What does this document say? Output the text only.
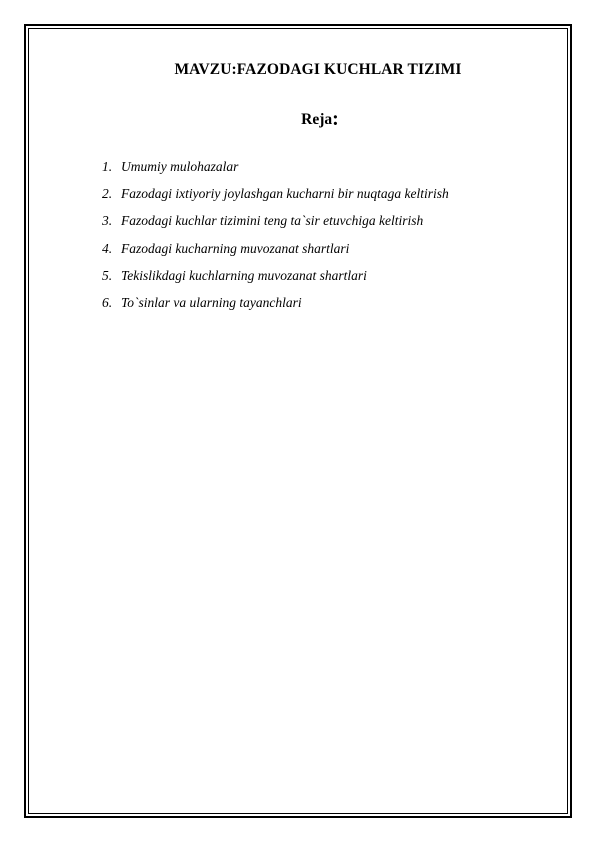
MAVZU:FAZODAGI KUCHLAR TIZIMI
Reja:
1. Umumiy mulohazalar
2. Fazodagi ixtiyoriy joylashgan kucharni bir nuqtaga keltirish
3. Fazodagi kuchlar tizimini teng ta`sir etuvchiga keltirish
4. Fazodagi kucharning muvozanat shartlari
5. Tekislikdagi kuchlarning muvozanat shartlari
6. To`sinlar va ularning tayanchlari
